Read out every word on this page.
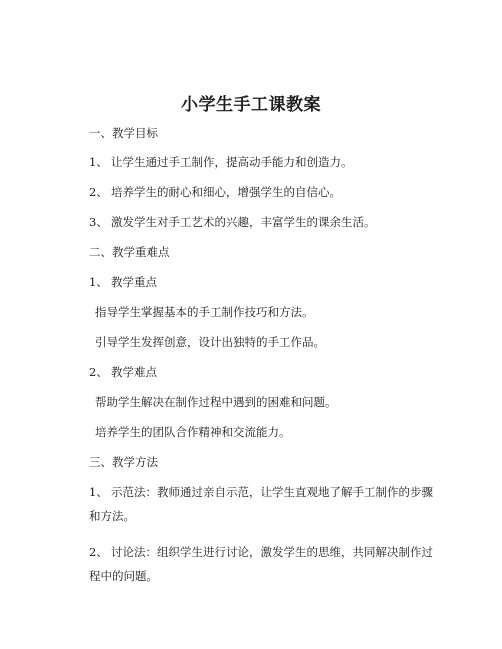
小学生手工课教案
一、教学目标
1、 让学生通过手工制作，提高动手能力和创造力。
2、 培养学生的耐心和细心，增强学生的自信心。
3、 激发学生对手工艺术的兴趣，丰富学生的课余生活。
二、教学重难点
1、 教学重点
指导学生掌握基本的手工制作技巧和方法。
引导学生发挥创意，设计出独特的手工作品。
2、 教学难点
帮助学生解决在制作过程中遇到的困难和问题。
培养学生的团队合作精神和交流能力。
三、教学方法
1、 示范法：教师通过亲自示范，让学生直观地了解手工制作的步骤和方法。
2、 讨论法：组织学生进行讨论，激发学生的思维，共同解决制作过程中的问题。
